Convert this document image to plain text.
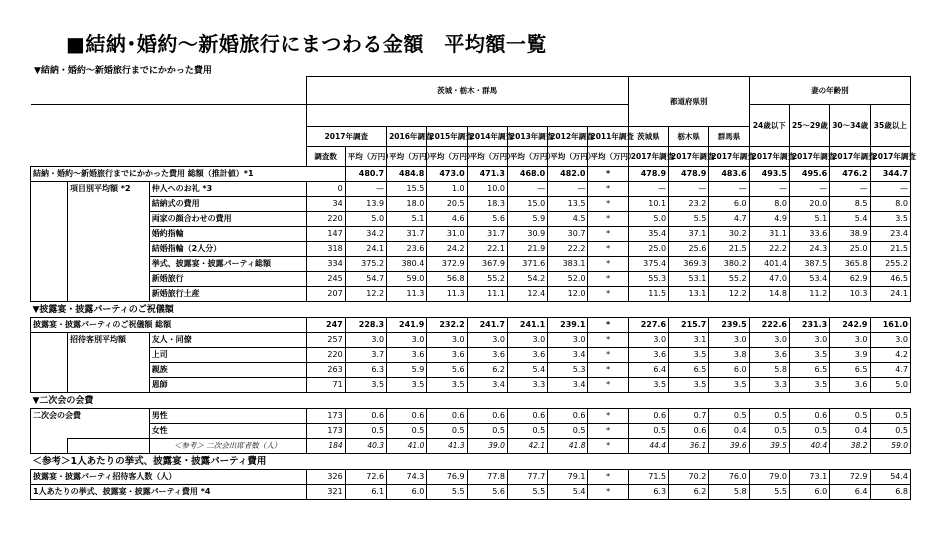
■結納･婚約〜新婚旅行にまつわる金額　平均額一覧
▼結納・婚約〜新婚旅行までにかかった費用
			茨城・栃木・群馬								都道府県別			妻の年齢別			
														24歳以下	25〜29歳	30〜34歳	35歳以上
			2017年調査		2016年調査	2015年調査	2014年調査	2013年調査	2012年調査	2011年調査	茨城県	栃木県	群馬県				
			調査数	平均（万円）	平均（万円）	平均（万円）	平均（万円）	平均（万円）	平均（万円）	平均（万円）	2017年調査	2017年調査	2017年調査	2017年調査	2017年調査	2017年調査	2017年調査
結納・婚約〜新婚旅行までにかかった費用 総額（推計値）*1				480.7	484.8	473.0	471.3	468.0	482.0	*	478.9	478.9	483.6	493.5	495.6	476.2	344.7
	項目別平均額 *2	仲人へのお礼 *3	0	—	15.5	1.0	10.0	—	—	*	—	—	—	—	—	—	—
		結納式の費用	34	13.9	18.0	20.5	18.3	15.0	13.5	*	10.1	23.2	6.0	8.0	20.0	8.5	8.0
		両家の顔合わせの費用	220	5.0	5.1	4.6	5.6	5.9	4.5	*	5.0	5.5	4.7	4.9	5.1	5.4	3.5
		婚約指輪	147	34.2	31.7	31.0	31.7	30.9	30.7	*	35.4	37.1	30.2	31.1	33.6	38.9	23.4
		結婚指輪（2人分）	318	24.1	23.6	24.2	22.1	21.9	22.2	*	25.0	25.6	21.5	22.2	24.3	25.0	21.5
		挙式、披露宴・披露パーティ総額	334	375.2	380.4	372.9	367.9	371.6	383.1	*	375.4	369.3	380.2	401.4	387.5	365.8	255.2
		新婚旅行	245	54.7	59.0	56.8	55.2	54.2	52.0	*	55.3	53.1	55.2	47.0	53.4	62.9	46.5
		新婚旅行土産	207	12.2	11.3	11.3	11.1	12.4	12.0	*	11.5	13.1	12.2	14.8	11.2	10.3	24.1
▼披露宴・披露パーティのご祝儀額																	
披露宴・披露パーティのご祝儀額 総額			247	228.3	241.9	232.2	241.7	241.1	239.1	*	227.6	215.7	239.5	222.6	231.3	242.9	161.0
	招待客別平均額	友人・同僚	257	3.0	3.0	3.0	3.0	3.0	3.0	*	3.0	3.1	3.0	3.0	3.0	3.0	3.0
		上司	220	3.7	3.6	3.6	3.6	3.6	3.4	*	3.6	3.5	3.8	3.6	3.5	3.9	4.2
		親族	263	6.3	5.9	5.6	6.2	5.4	5.3	*	6.4	6.5	6.0	5.8	6.5	6.5	4.7
		恩師	71	3.5	3.5	3.5	3.4	3.3	3.4	*	3.5	3.5	3.5	3.3	3.5	3.6	5.0
▼二次会の会費																	
二次会の会費		男性	173	0.6	0.6	0.6	0.6	0.6	0.6	*	0.6	0.7	0.5	0.5	0.6	0.5	0.5
		女性	173	0.5	0.5	0.5	0.5	0.5	0.5	*	0.5	0.6	0.4	0.5	0.5	0.4	0.5
		＜参考＞ 二次会出席者数（人）	184	40.3	41.0	41.3	39.0	42.1	41.8	*	44.4	36.1	39.6	39.5	40.4	38.2	59.0
＜参考＞1人あたりの挙式、披露宴・披露パーティ費用																	
披露宴・披露パーティ招待客人数（人）			326	72.6	74.3	76.9	77.8	77.7	79.1	*	71.5	70.2	76.0	79.0	73.1	72.9	54.4
1人あたりの挙式、披露宴・披露パーティ費用 *4			321	6.1	6.0	5.5	5.6	5.5	5.4	*	6.3	6.2	5.8	5.5	6.0	6.4	6.8
